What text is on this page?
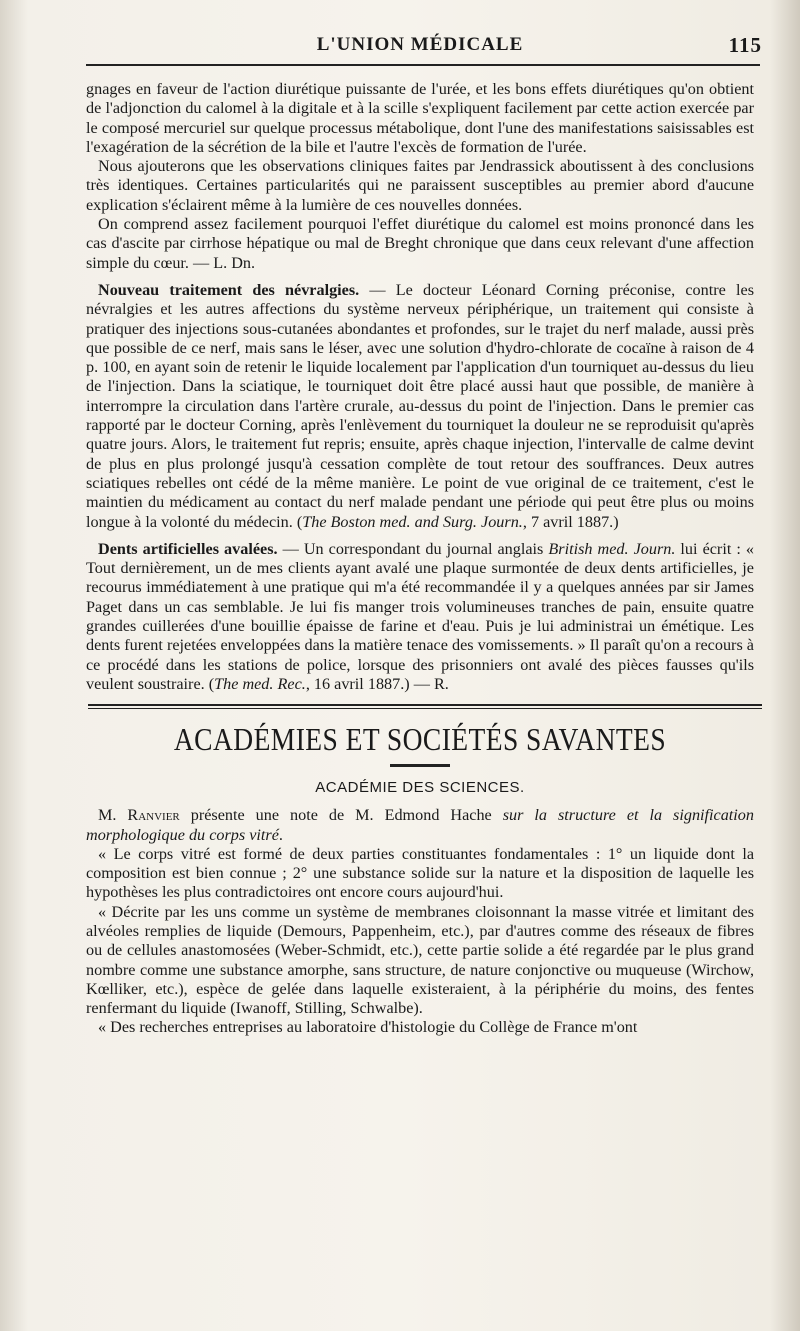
L'UNION MÉDICALE	115

gnages en faveur de l'action diurétique puissante de l'urée, et les bons effets diurétiques qu'on obtient de l'adjonction du calomel à la digitale et à la scille s'expliquent facilement par cette action exercée par le composé mercuriel sur quelque processus métabolique, dont l'une des manifestations saisissables est l'exagération de la sécrétion de la bile et l'autre l'excès de formation de l'urée.

Nous ajouterons que les observations cliniques faites par Jendrassick aboutissent à des conclusions très identiques. Certaines particularités qui ne paraissent susceptibles au premier abord d'aucune explication s'éclairent même à la lumière de ces nouvelles données.

On comprend assez facilement pourquoi l'effet diurétique du calomel est moins prononcé dans les cas d'ascite par cirrhose hépatique ou mal de Breght chronique que dans ceux relevant d'une affection simple du cœur. — L. Dn.

Nouveau traitement des névralgies. — Le docteur Léonard Corning préconise, contre les névralgies et les autres affections du système nerveux périphérique, un traitement qui consiste à pratiquer des injections sous-cutanées abondantes et profondes, sur le trajet du nerf malade, aussi près que possible de ce nerf, mais sans le léser, avec une solution d'hydro-chlorate de cocaïne à raison de 4 p. 100, en ayant soin de retenir le liquide localement par l'application d'un tourniquet au-dessus du lieu de l'injection. Dans la sciatique, le tourniquet doit être placé aussi haut que possible, de manière à interrompre la circulation dans l'artère crurale, au-dessus du point de l'injection. Dans le premier cas rapporté par le docteur Corning, après l'enlèvement du tourniquet la douleur ne se reproduisit qu'après quatre jours. Alors, le traitement fut repris; ensuite, après chaque injection, l'intervalle de calme devint de plus en plus prolongé jusqu'à cessation complète de tout retour des souffrances. Deux autres sciatiques rebelles ont cédé de la même manière. Le point de vue original de ce traitement, c'est le maintien du médicament au contact du nerf malade pendant une période qui peut être plus ou moins longue à la volonté du médecin. (The Boston med. and Surg. Journ., 7 avril 1887.)

Dents artificielles avalées. — Un correspondant du journal anglais British med. Journ. lui écrit : « Tout dernièrement, un de mes clients ayant avalé une plaque surmontée de deux dents artificielles, je recourus immédiatement à une pratique qui m'a été recommandée il y a quelques années par sir James Paget dans un cas semblable. Je lui fis manger trois volumineuses tranches de pain, ensuite quatre grandes cuillerées d'une bouillie épaisse de farine et d'eau. Puis je lui administrai un émétique. Les dents furent rejetées enveloppées dans la matière tenace des vomissements. » Il paraît qu'on a recours à ce procédé dans les stations de police, lorsque des prisonniers ont avalé des pièces fausses qu'ils veulent soustraire. (The med. Rec., 16 avril 1887.) — R.

ACADÉMIES ET SOCIÉTÉS SAVANTES
ACADÉMIE DES SCIENCES.

M. Ranvier présente une note de M. Edmond Hache sur la structure et la signification morphologique du corps vitré.

« Le corps vitré est formé de deux parties constituantes fondamentales : 1° un liquide dont la composition est bien connue ; 2° une substance solide sur la nature et la disposition de laquelle les hypothèses les plus contradictoires ont encore cours aujourd'hui.

« Décrite par les uns comme un système de membranes cloisonnant la masse vitrée et limitant des alvéoles remplies de liquide (Demours, Pappenheim, etc.), par d'autres comme des réseaux de fibres ou de cellules anastomosées (Weber-Schmidt, etc.), cette partie solide a été regardée par le plus grand nombre comme une substance amorphe, sans structure, de nature conjonctive ou muqueuse (Wirchow, Kœlliker, etc.), espèce de gelée dans laquelle existeraient, à la périphérie du moins, des fentes renfermant du liquide (Iwanoff, Stilling, Schwalbe).

« Des recherches entreprises au laboratoire d'histologie du Collège de France m'ont
